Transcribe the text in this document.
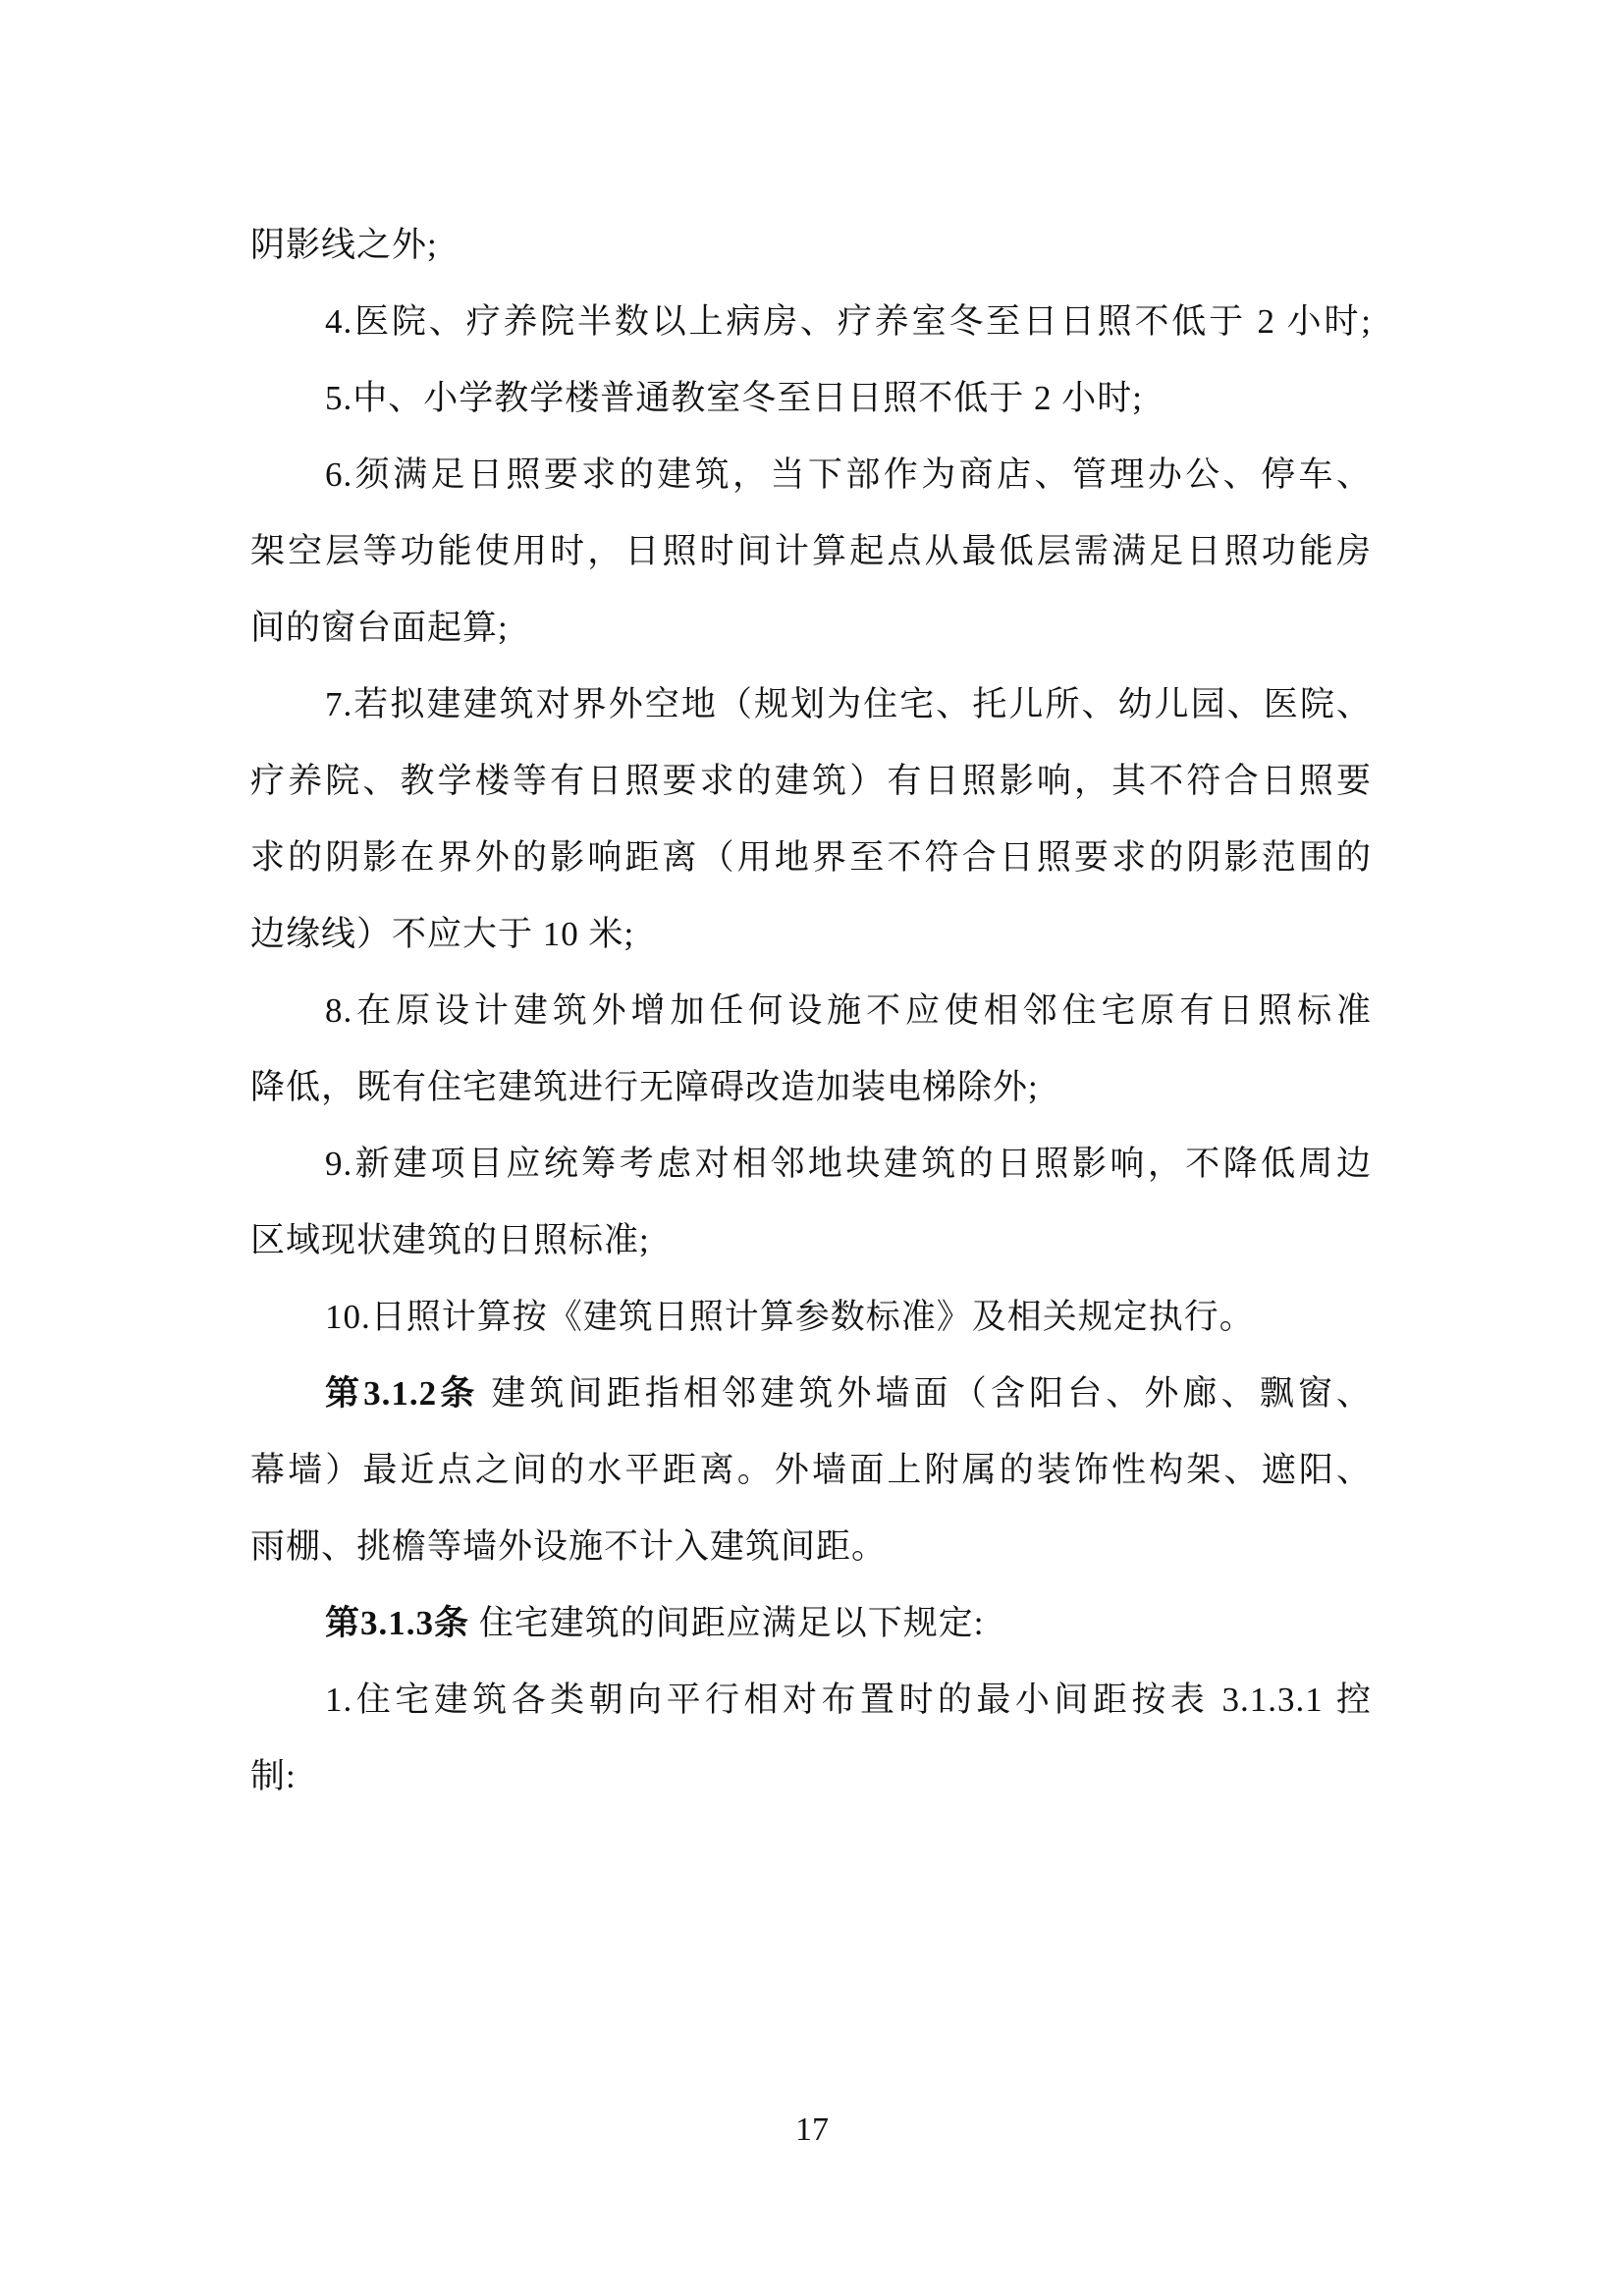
阴影线之外;
4.医院、疗养院半数以上病房、疗养室冬至日日照不低于 2 小时;
5.中、小学教学楼普通教室冬至日日照不低于 2 小时;
6.须满足日照要求的建筑，当下部作为商店、管理办公、停车、
架空层等功能使用时，日照时间计算起点从最低层需满足日照功能房
间的窗台面起算;
7.若拟建建筑对界外空地（规划为住宅、托儿所、幼儿园、医院、
疗养院、教学楼等有日照要求的建筑）有日照影响，其不符合日照要
求的阴影在界外的影响距离（用地界至不符合日照要求的阴影范围的
边缘线）不应大于 10 米;
8.在原设计建筑外增加任何设施不应使相邻住宅原有日照标准
降低，既有住宅建筑进行无障碍改造加装电梯除外;
9.新建项目应统筹考虑对相邻地块建筑的日照影响，不降低周边
区域现状建筑的日照标准;
10.日照计算按《建筑日照计算参数标准》及相关规定执行。
第3.1.2条 建筑间距指相邻建筑外墙面（含阳台、外廊、飘窗、
幕墙）最近点之间的水平距离。外墙面上附属的装饰性构架、遮阳、
雨棚、挑檐等墙外设施不计入建筑间距。
第3.1.3条 住宅建筑的间距应满足以下规定:
1.住宅建筑各类朝向平行相对布置时的最小间距按表 3.1.3.1 控
制:
17
